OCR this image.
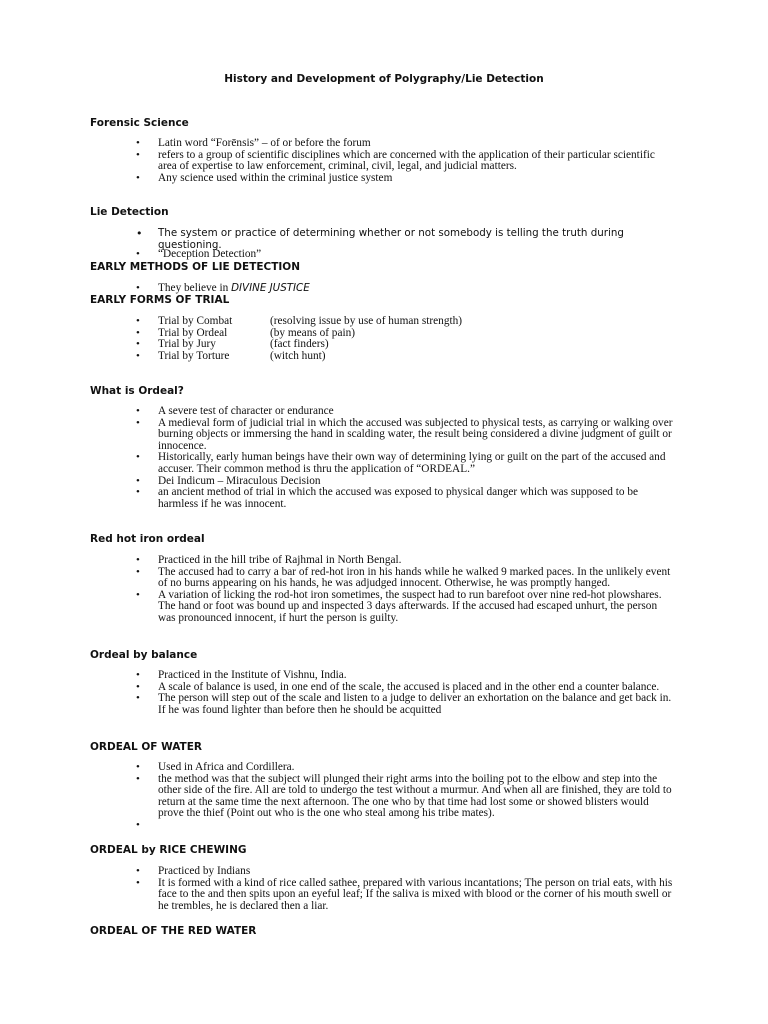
History and Development of Polygraphy/Lie Detection
Forensic Science
• Latin word “Forēnsis” – of or before the forum
• refers to a group of scientific disciplines which are concerned with the application of their particular scientific area of expertise to law enforcement, criminal, civil, legal, and judicial matters.
• Any science used within the criminal justice system
Lie Detection
• The system or practice of determining whether or not somebody is telling the truth during questioning.
• “Deception Detection”
EARLY METHODS OF LIE DETECTION
• They believe in DIVINE JUSTICE
EARLY FORMS OF TRIAL
• Trial by Combat	(resolving issue by use of human strength)
• Trial by Ordeal	(by means of pain)
• Trial by Jury	(fact finders)
• Trial by Torture	(witch hunt)
What is Ordeal?
• A severe test of character or endurance
• A medieval form of judicial trial in which the accused was subjected to physical tests, as carrying or walking over burning objects or immersing the hand in scalding water, the result being considered a divine judgment of guilt or innocence.
• Historically, early human beings have their own way of determining lying or guilt on the part of the accused and accuser. Their common method is thru the application of “ORDEAL.”
• Dei Indicum – Miraculous Decision
• an ancient method of trial in which the accused was exposed to physical danger which was supposed to be harmless if he was innocent.
Red hot iron ordeal
• Practiced in the hill tribe of Rajhmal in North Bengal.
• The accused had to carry a bar of red-hot iron in his hands while he walked 9 marked paces. In the unlikely event of no burns appearing on his hands, he was adjudged innocent. Otherwise, he was promptly hanged.
• A variation of licking the rod-hot iron sometimes, the suspect had to run barefoot over nine red-hot plowshares. The hand or foot was bound up and inspected 3 days afterwards. If the accused had escaped unhurt, the person was pronounced innocent, if hurt the person is guilty.
Ordeal by balance
• Practiced in the Institute of Vishnu, India.
• A scale of balance is used, in one end of the scale, the accused is placed and in the other end a counter balance.
• The person will step out of the scale and listen to a judge to deliver an exhortation on the balance and get back in. If he was found lighter than before then he should be acquitted
ORDEAL OF WATER
• Used in Africa and Cordillera.
• the method was that the subject will plunged their right arms into the boiling pot to the elbow and step into the other side of the fire. All are told to undergo the test without a murmur. And when all are finished, they are told to return at the same time the next afternoon. The one who by that time had lost some or showed blisters would prove the thief (Point out who is the one who steal among his tribe mates).
•
ORDEAL by RICE CHEWING
• Practiced by Indians
• It is formed with a kind of rice called sathee, prepared with various incantations; The person on trial eats, with his face to the and then spits upon an eyeful leaf; If the saliva is mixed with blood or the corner of his mouth swell or he trembles, he is declared then a liar.
ORDEAL OF THE RED WATER
